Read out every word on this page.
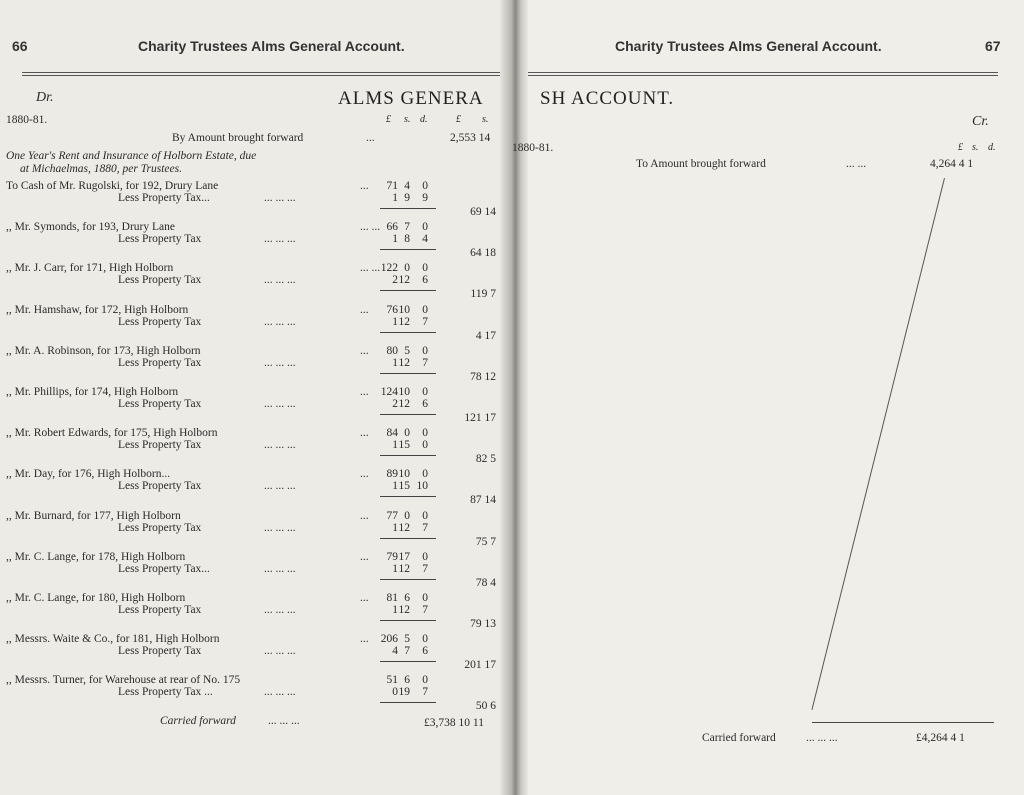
66	Charity Trustees Alms General Account.	Charity Trustees Alms General Account.	67
ALMS GENERA	SH ACCOUNT.
Dr.
1880-81.	£ s. d.	£ s.
By Amount brought forward	...	2,553 14
One Year's Rent and Insurance of Holborn Estate, due
at Michaelmas, 1880, per Trustees.
To Cash of Mr. Rugolski, for 192, Drury Lane	...	71 4	0
Less Property Tax...	... ... ...	1 9	9
69 14
,, Mr. Symonds, for 193, Drury Lane	... ... 66 7	0
Less Property Tax	... ... ...	1 8	4
64 18
,, Mr. J. Carr, for 171, High Holborn	... ... 122 0	0
Less Property Tax	... ... ...	2 12	6
119 7
,, Mr. Hamshaw, for 172, High Holborn	...	76 10	0
Less Property Tax	... ... ...	1 12	7
4 17
,, Mr. A. Robinson, for 173, High Holborn	...	80 5	0
Less Property Tax	... ... ...	1 12	7
78 12
,, Mr. Phillips, for 174, High Holborn	...	124 10	0
Less Property Tax	... ... ...	2 12	6
121 17
,, Mr. Robert Edwards, for 175, High Holborn	...	84 0	0
Less Property Tax	... ... ...	1 15	0
82 5
,, Mr. Day, for 176, High Holborn...	...	89 10	0
Less Property Tax	... ... ...	1 15 10
87 14
,, Mr. Burnard, for 177, High Holborn	...	77 0	0
Less Property Tax	... ... ...	1 12	7
75 7
,, Mr. C. Lange, for 178, High Holborn	...	79 17	0
Less Property Tax...	... ... ...	1 12	7
78 4
,, Mr. C. Lange, for 180, High Holborn	...	81 6	0
Less Property Tax	... ... ...	1 12	7
79 13
,, Messrs. Waite & Co., for 181, High Holborn	...	206 5	0
Less Property Tax	... ... ...	4 7	6
201 17
,, Messrs. Turner, for Warehouse at rear of No. 175	51 6	0
Less Property Tax ...	... ... ...	0 19	7
50 6
Carried forward	... ... ...	£3,738 10 11
Cr.
1880-81.	£ s. d.
To Amount brought forward	... ...	4,264 4 1
Carried forward	... ... ...	£4,264 4 1
